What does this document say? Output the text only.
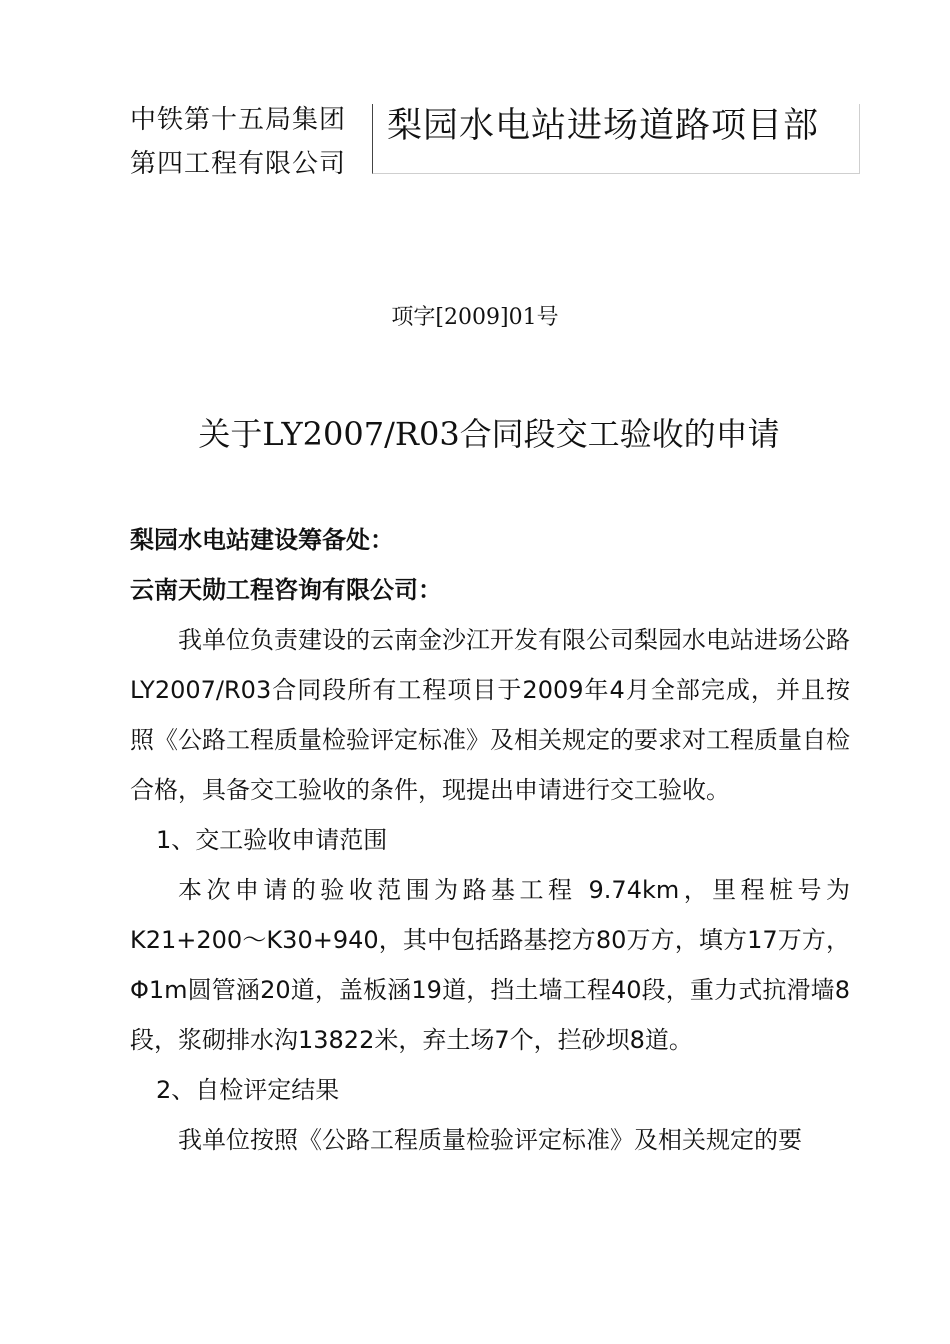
中铁第十五局集团
第四工程有限公司
梨园水电站进场道路项目部
项字[2009]01号
关于LY2007/R03合同段交工验收的申请
梨园水电站建设筹备处：
云南天勋工程咨询有限公司：
我单位负责建设的云南金沙江开发有限公司梨园水电站进场公路LY2007/R03合同段所有工程项目于2009年4月全部完成，并且按照《公路工程质量检验评定标准》及相关规定的要求对工程质量自检合格，具备交工验收的条件，现提出申请进行交工验收。
1、交工验收申请范围
本次申请的验收范围为路基工程 9.74km，里程桩号为K21+200～K30+940，其中包括路基挖方80万方，填方17万方，Φ1m圆管涵20道，盖板涵19道，挡土墙工程40段，重力式抗滑墙8段，浆砌排水沟13822米，弃土场7个，拦砂坝8道。
2、自检评定结果
我单位按照《公路工程质量检验评定标准》及相关规定的要
